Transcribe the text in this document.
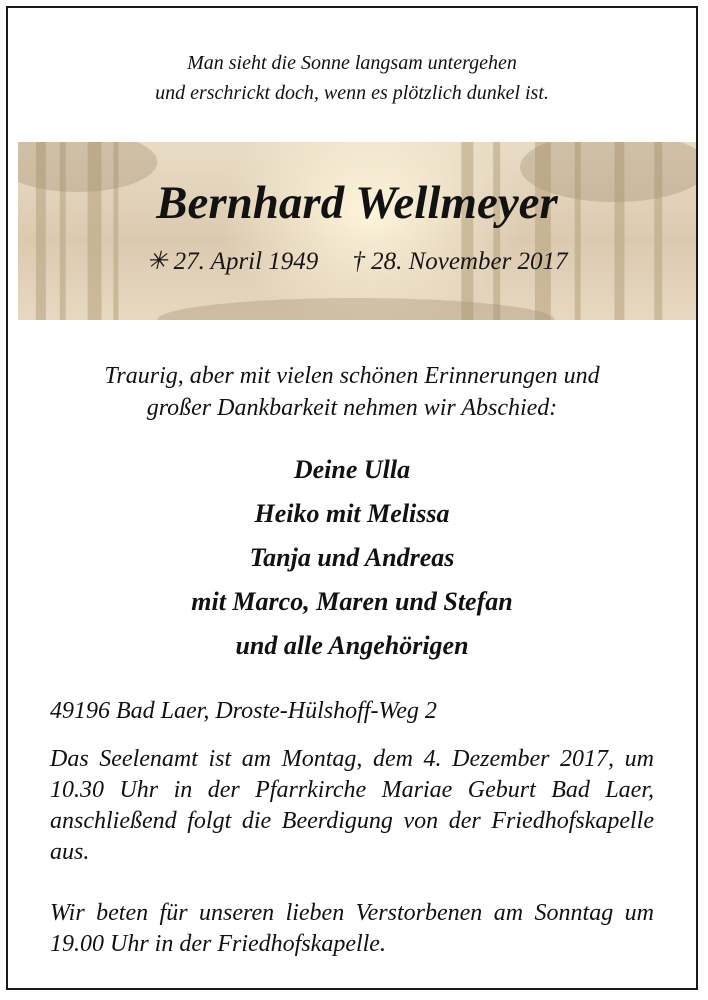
Man sieht die Sonne langsam untergehen
und erschrickt doch, wenn es plötzlich dunkel ist.
Bernhard Wellmeyer
✳ 27. April 1949 † 28. November 2017
Traurig, aber mit vielen schönen Erinnerungen und
großer Dankbarkeit nehmen wir Abschied:
Deine Ulla
Heiko mit Melissa
Tanja und Andreas
mit Marco, Maren und Stefan
und alle Angehörigen
49196 Bad Laer, Droste-Hülshoff-Weg 2
Das Seelenamt ist am Montag, dem 4. Dezember 2017, um 10.30 Uhr in der Pfarrkirche Mariae Geburt Bad Laer, anschließend folgt die Beerdigung von der Friedhofskapelle aus.
Wir beten für unseren lieben Verstorbenen am Sonntag um 19.00 Uhr in der Friedhofskapelle.
